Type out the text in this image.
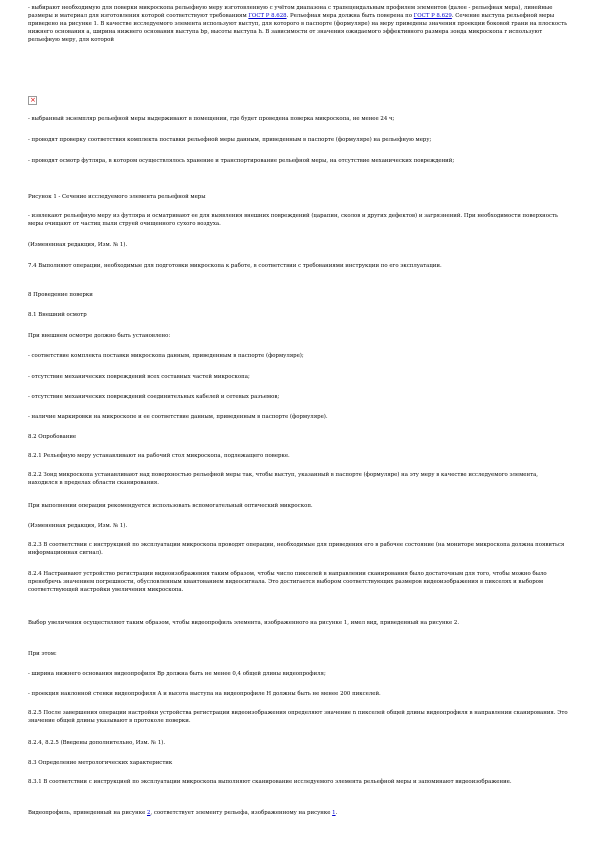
- выбирают необходимую для поверки микроскопа рельефную меру изготовленную с учётом диапазона с трапецеидальным профилем элементов (далее - рельефная мера), линейные размеры и материал для изготовления которой соответствуют требованиям ГОСТ Р 8.628. Рельефная мера должна быть поверена по ГОСТ Р 8.629. Сечение выступа рельефной меры приведено на рисунке 1. В качестве исследуемого элемента используют выступ, для которого в паспорте (формуляре) на меру приведены значения проекции боковой грани на плоскость нижнего основания a, ширина нижнего основания выступа bp, высоты выступа h. В зависимости от значения ожидаемого эффективного размера зонда микроскопа r используют рельефную меру, для которой

×

- выбранный экземпляр рельефной меры выдерживают в помещении, где будет проведена поверка микроскопа, не менее 24 ч;

- проводят проверку соответствия комплекта поставки рельефной меры данным, приведенным в паспорте (формуляре) на рельефную меру;

- проводят осмотр футляра, в котором осуществлялось хранение и транспортирование рельефной меры, на отсутствие механических повреждений;

Рисунок 1 - Сечение исследуемого элемента рельефной меры

- извлекают рельефную меру из футляра и осматривают ее для выявления внешних повреждений (царапин, сколов и других дефектов) и загрязнений. При необходимости поверхность меры очищают от частиц пыли струей очищенного сухого воздуха.

(Измененная редакция, Изм. № 1).

7.4 Выполняют операции, необходимые для подготовки микроскопа к работе, в соответствии с требованиями инструкции по его эксплуатации.

8 Проведение поверки

8.1 Внешний осмотр

При внешнем осмотре должно быть установлено:

- соответствие комплекта поставки микроскопа данным, приведенным в паспорте (формуляре);

- отсутствие механических повреждений всех составных частей микроскопа;

- отсутствие механических повреждений соединительных кабелей и сетевых разъемов;

- наличие маркировки на микроскопе и ее соответствие данным, приведенным в паспорте (формуляре).

8.2 Опробование

8.2.1 Рельефную меру устанавливают на рабочий стол микроскопа, подлежащего поверке.

8.2.2 Зонд микроскопа устанавливают над поверхностью рельефной меры так, чтобы выступ, указанный в паспорте (формуляре) на эту меру в качестве исследуемого элемента, находился в пределах области сканирования.

При выполнении операции рекомендуется использовать вспомогательный оптический микроскоп.

(Измененная редакция, Изм. № 1).

8.2.3 В соответствии с инструкцией по эксплуатации микроскопа проводят операции, необходимые для приведения его в рабочее состояние (на мониторе микроскопа должна появиться информационная сигнал).

8.2.4 Настраивают устройство регистрации видеоизображения таким образом, чтобы число пикселей в направлении сканирования было достаточным для того, чтобы можно было пренебречь значением погрешности, обусловленным квантованием видеосигнала. Это достигается выбором соответствующих размеров видеоизображения в пикселях и выбором соответствующей настройки увеличения микроскопа.

Выбор увеличения осуществляют таким образом, чтобы видеопрофиль элемента, изображенного на рисунке 1, имел вид, приведенный на рисунке 2.

При этом:

- ширина нижнего основания видеопрофиля Bp должна быть не менее 0,4 общей длины видеопрофиля;

- проекция наклонной стенки видеопрофиля A и высота выступа на видеопрофиле H должны быть не менее 200 пикселей.

8.2.5 После завершения операции настройки устройства регистрации видеоизображения определяют значение n пикселей общей длины видеопрофиля в направлении сканирования. Это значение общей длины указывают в протоколе поверки.

8.2.4, 8.2.5 (Введены дополнительно, Изм. № 1).

8.3 Определение метрологических характеристик

8.3.1 В соответствии с инструкцией по эксплуатации микроскопа выполняют сканирование исследуемого элемента рельефной меры и запоминают видеоизображение.

Видеопрофиль, приведенный на рисунке 2, соответствует элементу рельефа, изображенному на рисунке 1.
